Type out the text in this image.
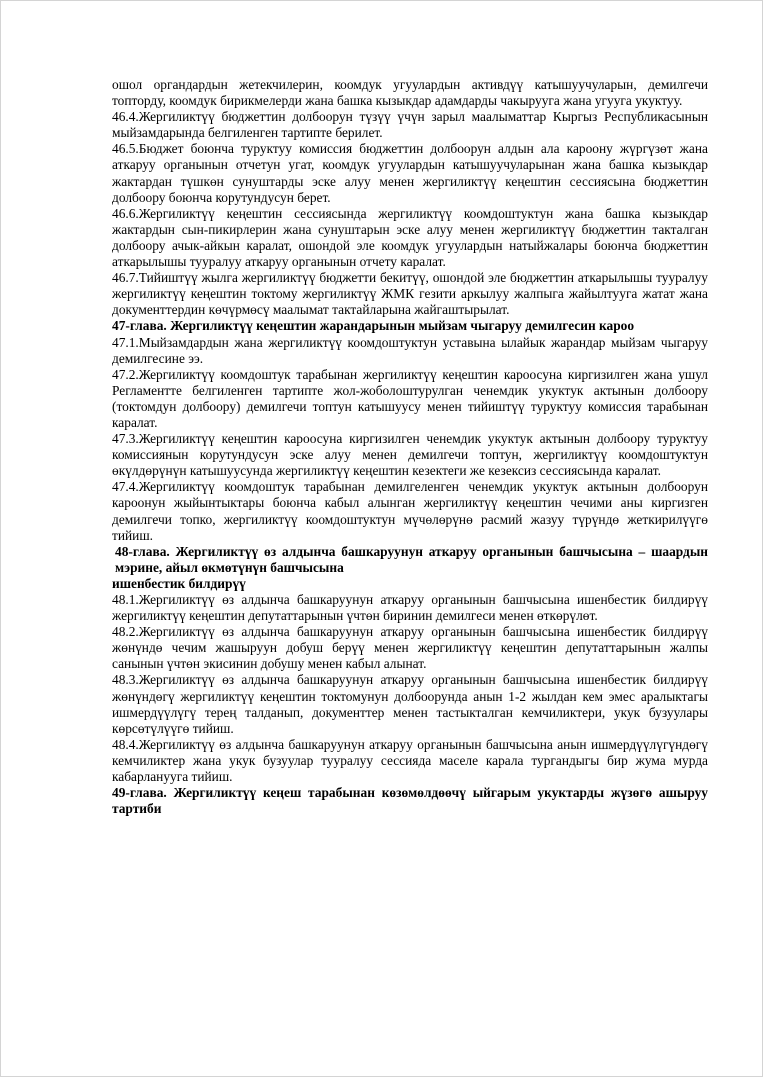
ошол органдардын жетекчилерин, коомдук угуулардын активдүү катышуучуларын, демилгечи топторду, коомдук бирикмелерди жана башка кызыкдар адамдарды чакырууга жана угууга укуктуу.

46.4.Жергиликтүү бюджеттин долбоорун түзүү үчүн зарыл маалыматтар Кыргыз Республикасынын мыйзамдарында белгиленген тартипте берилет.

46.5.Бюджет боюнча туруктуу комиссия бюджеттин долбоорун алдын ала кароону жүргүзөт жана аткаруу органынын отчетун угат, коомдук угуулардын катышуучуларынан жана башка кызыкдар жактардан түшкөн сунуштарды эске алуу менен жергиликтүү кеңештин сессиясына бюджеттин долбоору боюнча корутундусун берет.

46.6.Жергиликтүү кеңештин сессиясында жергиликтүү коомдоштуктун жана башка кызыкдар жактардын сын-пикирлерин жана сунуштарын эске алуу менен жергиликтүү бюджеттин такталган долбоору ачык-айкын каралат, ошондой эле коомдук угуулардын натыйжалары боюнча бюджеттин аткарылышы тууралуу аткаруу органынын отчету каралат.

46.7.Тийиштүү жылга жергиликтүү бюджетти бекитүү, ошондой эле бюджеттин аткарылышы тууралуу жергиликтүү кеңештин токтому жергиликтүү ЖМК гезити аркылуу жалпыга жайылтууга жатат жана документтердин көчүрмөсү маалымат тактайларына жайгаштырылат.

47-глава. Жергиликтүү кеңештин жарандарынын мыйзам чыгаруу демилгесин кароо

47.1.Мыйзамдардын жана жергиликтүү коомдоштуктун уставына ылайык жарандар мыйзам чыгаруу демилгесине ээ.

47.2.Жергиликтүү коомдоштук тарабынан жергиликтүү кеңештин кароосуна киргизилген жана ушул Регламентте белгиленген тартипте жол-жоболоштурулган ченемдик укуктук актынын долбоору (токтомдун долбоору) демилгечи топтун катышуусу менен тийиштүү туруктуу комиссия тарабынан каралат.

47.3.Жергиликтүү кеңештин кароосуна киргизилген ченемдик укуктук актынын долбоору туруктуу комиссиянын корутундусун эске алуу менен демилгечи топтун, жергиликтүү коомдоштуктун өкүлдөрүнүн катышуусунда жергиликтүү кеңештин кезектеги же кезексиз сессиясында каралат.

47.4.Жергиликтүү коомдоштук тарабынан демилгеленген ченемдик укуктук актынын долбоорун кароонун жыйынтыктары боюнча кабыл алынган жергиликтүү кеңештин чечими аны киргизген демилгечи топко, жергиликтүү коомдоштуктун мүчөлөрүнө расмий жазуу түрүндө жеткирилүүгө тийиш.

48-глава. Жергиликтүү өз алдынча башкаруунун аткаруу органынын башчысына – шаардын мэрине, айыл өкмөтүнүн башчысына

ишенбестик билдирүү

48.1.Жергиликтүү өз алдынча башкаруунун аткаруу органынын башчысына ишенбестик билдирүү жергиликтүү кеңештин депутаттарынын үчтөн биринин демилгеси менен өткөрүлөт.

48.2.Жергиликтүү өз алдынча башкаруунун аткаруу органынын башчысына ишенбестик билдирүү жөнүндө чечим жашыруун добуш берүү менен жергиликтүү кеңештин депутаттарынын жалпы санынын үчтөн экисинин добушу менен кабыл алынат.

48.3.Жергиликтүү өз алдынча башкаруунун аткаруу органынын башчысына ишенбестик билдирүү жөнүндөгү жергиликтүү кеңештин токтомунун долбоорунда анын 1-2 жылдан кем эмес аралыктагы ишмердүүлүгү терең талданып, документтер менен тастыкталган кемчиликтери, укук бузуулары көрсөтүлүүгө тийиш.

48.4.Жергиликтүү өз алдынча башкаруунун аткаруу органынын башчысына анын ишмердүүлүгүндөгү кемчиликтер жана укук бузуулар тууралуу сессияда маселе карала тургандыгы бир жума мурда кабарланууга тийиш.

49-глава. Жергиликтүү кеңеш тарабынан көзөмөлдөөчү ыйгарым укуктарды жүзөгө ашыруу тартиби
